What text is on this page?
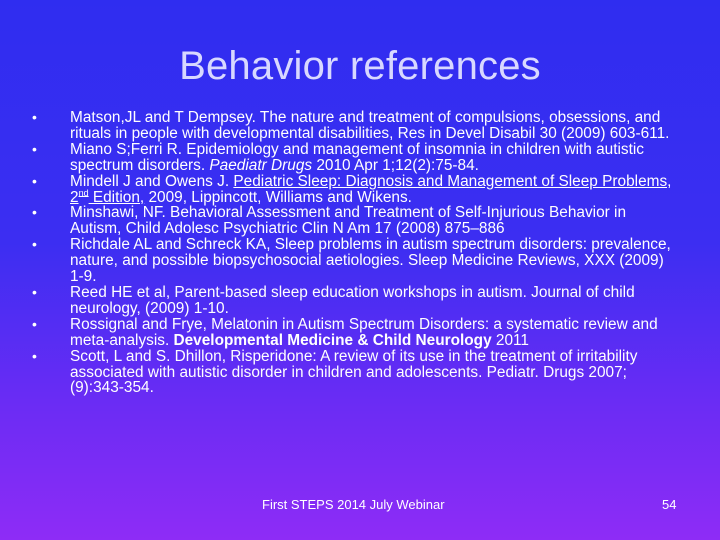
Behavior references
• Matson,JL and T Dempsey. The nature and treatment of compulsions, obsessions, and rituals in people with developmental disabilities, Res in Devel Disabil 30 (2009) 603-611.
• Miano S;Ferri R. Epidemiology and management of insomnia in children with autistic spectrum disorders. Paediatr Drugs 2010 Apr 1;12(2):75-84.
• Mindell J and Owens J. Pediatric Sleep: Diagnosis and Management of Sleep Problems, 2nd Edition, 2009, Lippincott, Williams and Wikens.
• Minshawi, NF. Behavioral Assessment and Treatment of Self-Injurious Behavior in Autism, Child Adolesc Psychiatric Clin N Am 17 (2008) 875–886
• Richdale AL and Schreck KA, Sleep problems in autism spectrum disorders: prevalence, nature, and possible biopsychosocial aetiologies. Sleep Medicine Reviews, XXX (2009) 1-9.
• Reed HE et al, Parent-based sleep education workshops in autism. Journal of child neurology, (2009) 1-10.
• Rossignal and Frye, Melatonin in Autism Spectrum Disorders: a systematic review and meta-analysis. Developmental Medicine & Child Neurology 2011
• Scott, L and S. Dhillon, Risperidone: A review of its use in the treatment of irritability associated with autistic disorder in children and adolescents. Pediatr. Drugs 2007; (9):343-354.
First STEPS 2014 July Webinar	54
